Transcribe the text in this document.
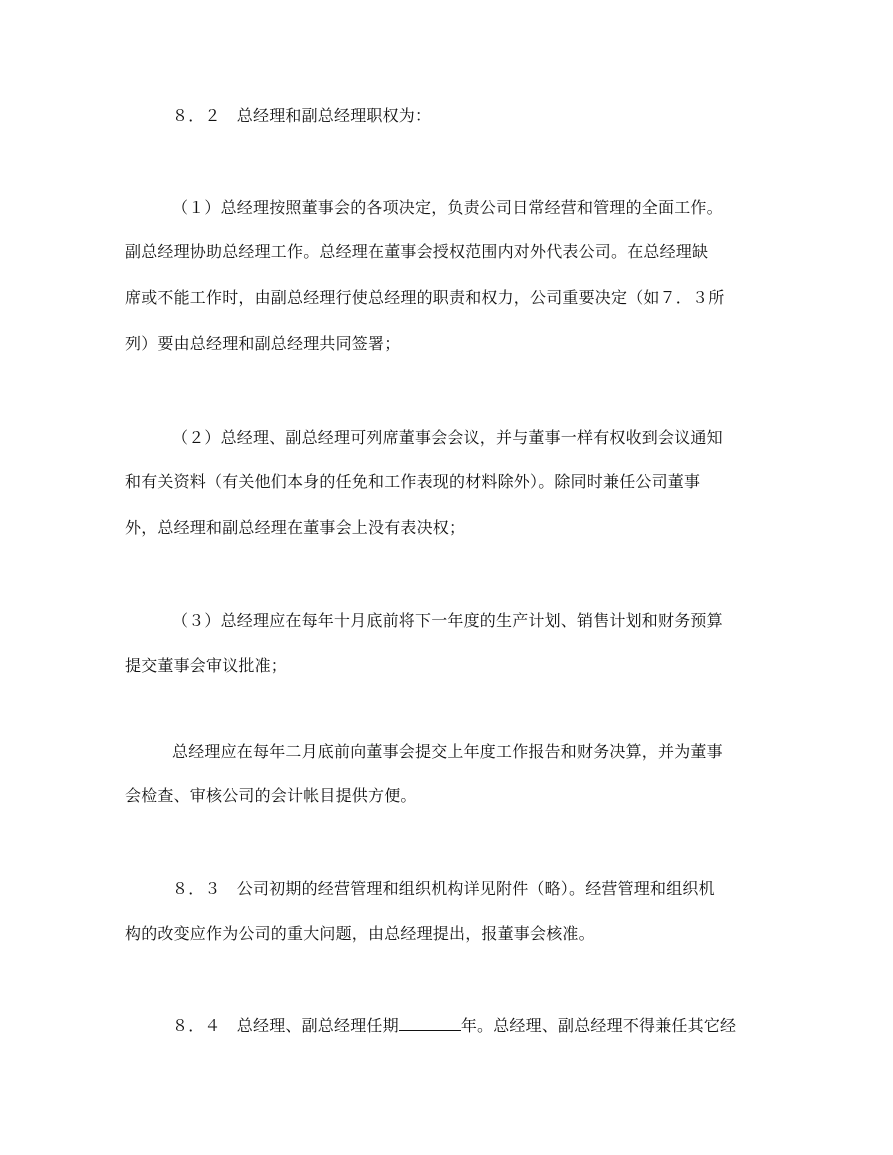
８．２　总经理和副总经理职权为：
（１）总经理按照董事会的各项决定，负责公司日常经营和管理的全面工作。
副总经理协助总经理工作。总经理在董事会授权范围内对外代表公司。在总经理缺
席或不能工作时，由副总经理行使总经理的职责和权力，公司重要决定（如７．３所
列）要由总经理和副总经理共同签署；
（２）总经理、副总经理可列席董事会会议，并与董事一样有权收到会议通知
和有关资料（有关他们本身的任免和工作表现的材料除外）。除同时兼任公司董事
外，总经理和副总经理在董事会上没有表决权；
（３）总经理应在每年十月底前将下一年度的生产计划、销售计划和财务预算
提交董事会审议批准；
总经理应在每年二月底前向董事会提交上年度工作报告和财务决算，并为董事
会检查、审核公司的会计帐目提供方便。
８．３　公司初期的经营管理和组织机构详见附件（略）。经营管理和组织机
构的改变应作为公司的重大问题，由总经理提出，报董事会核准。
８．４　总经理、副总经理任期	年。总经理、副总经理不得兼任其它经
